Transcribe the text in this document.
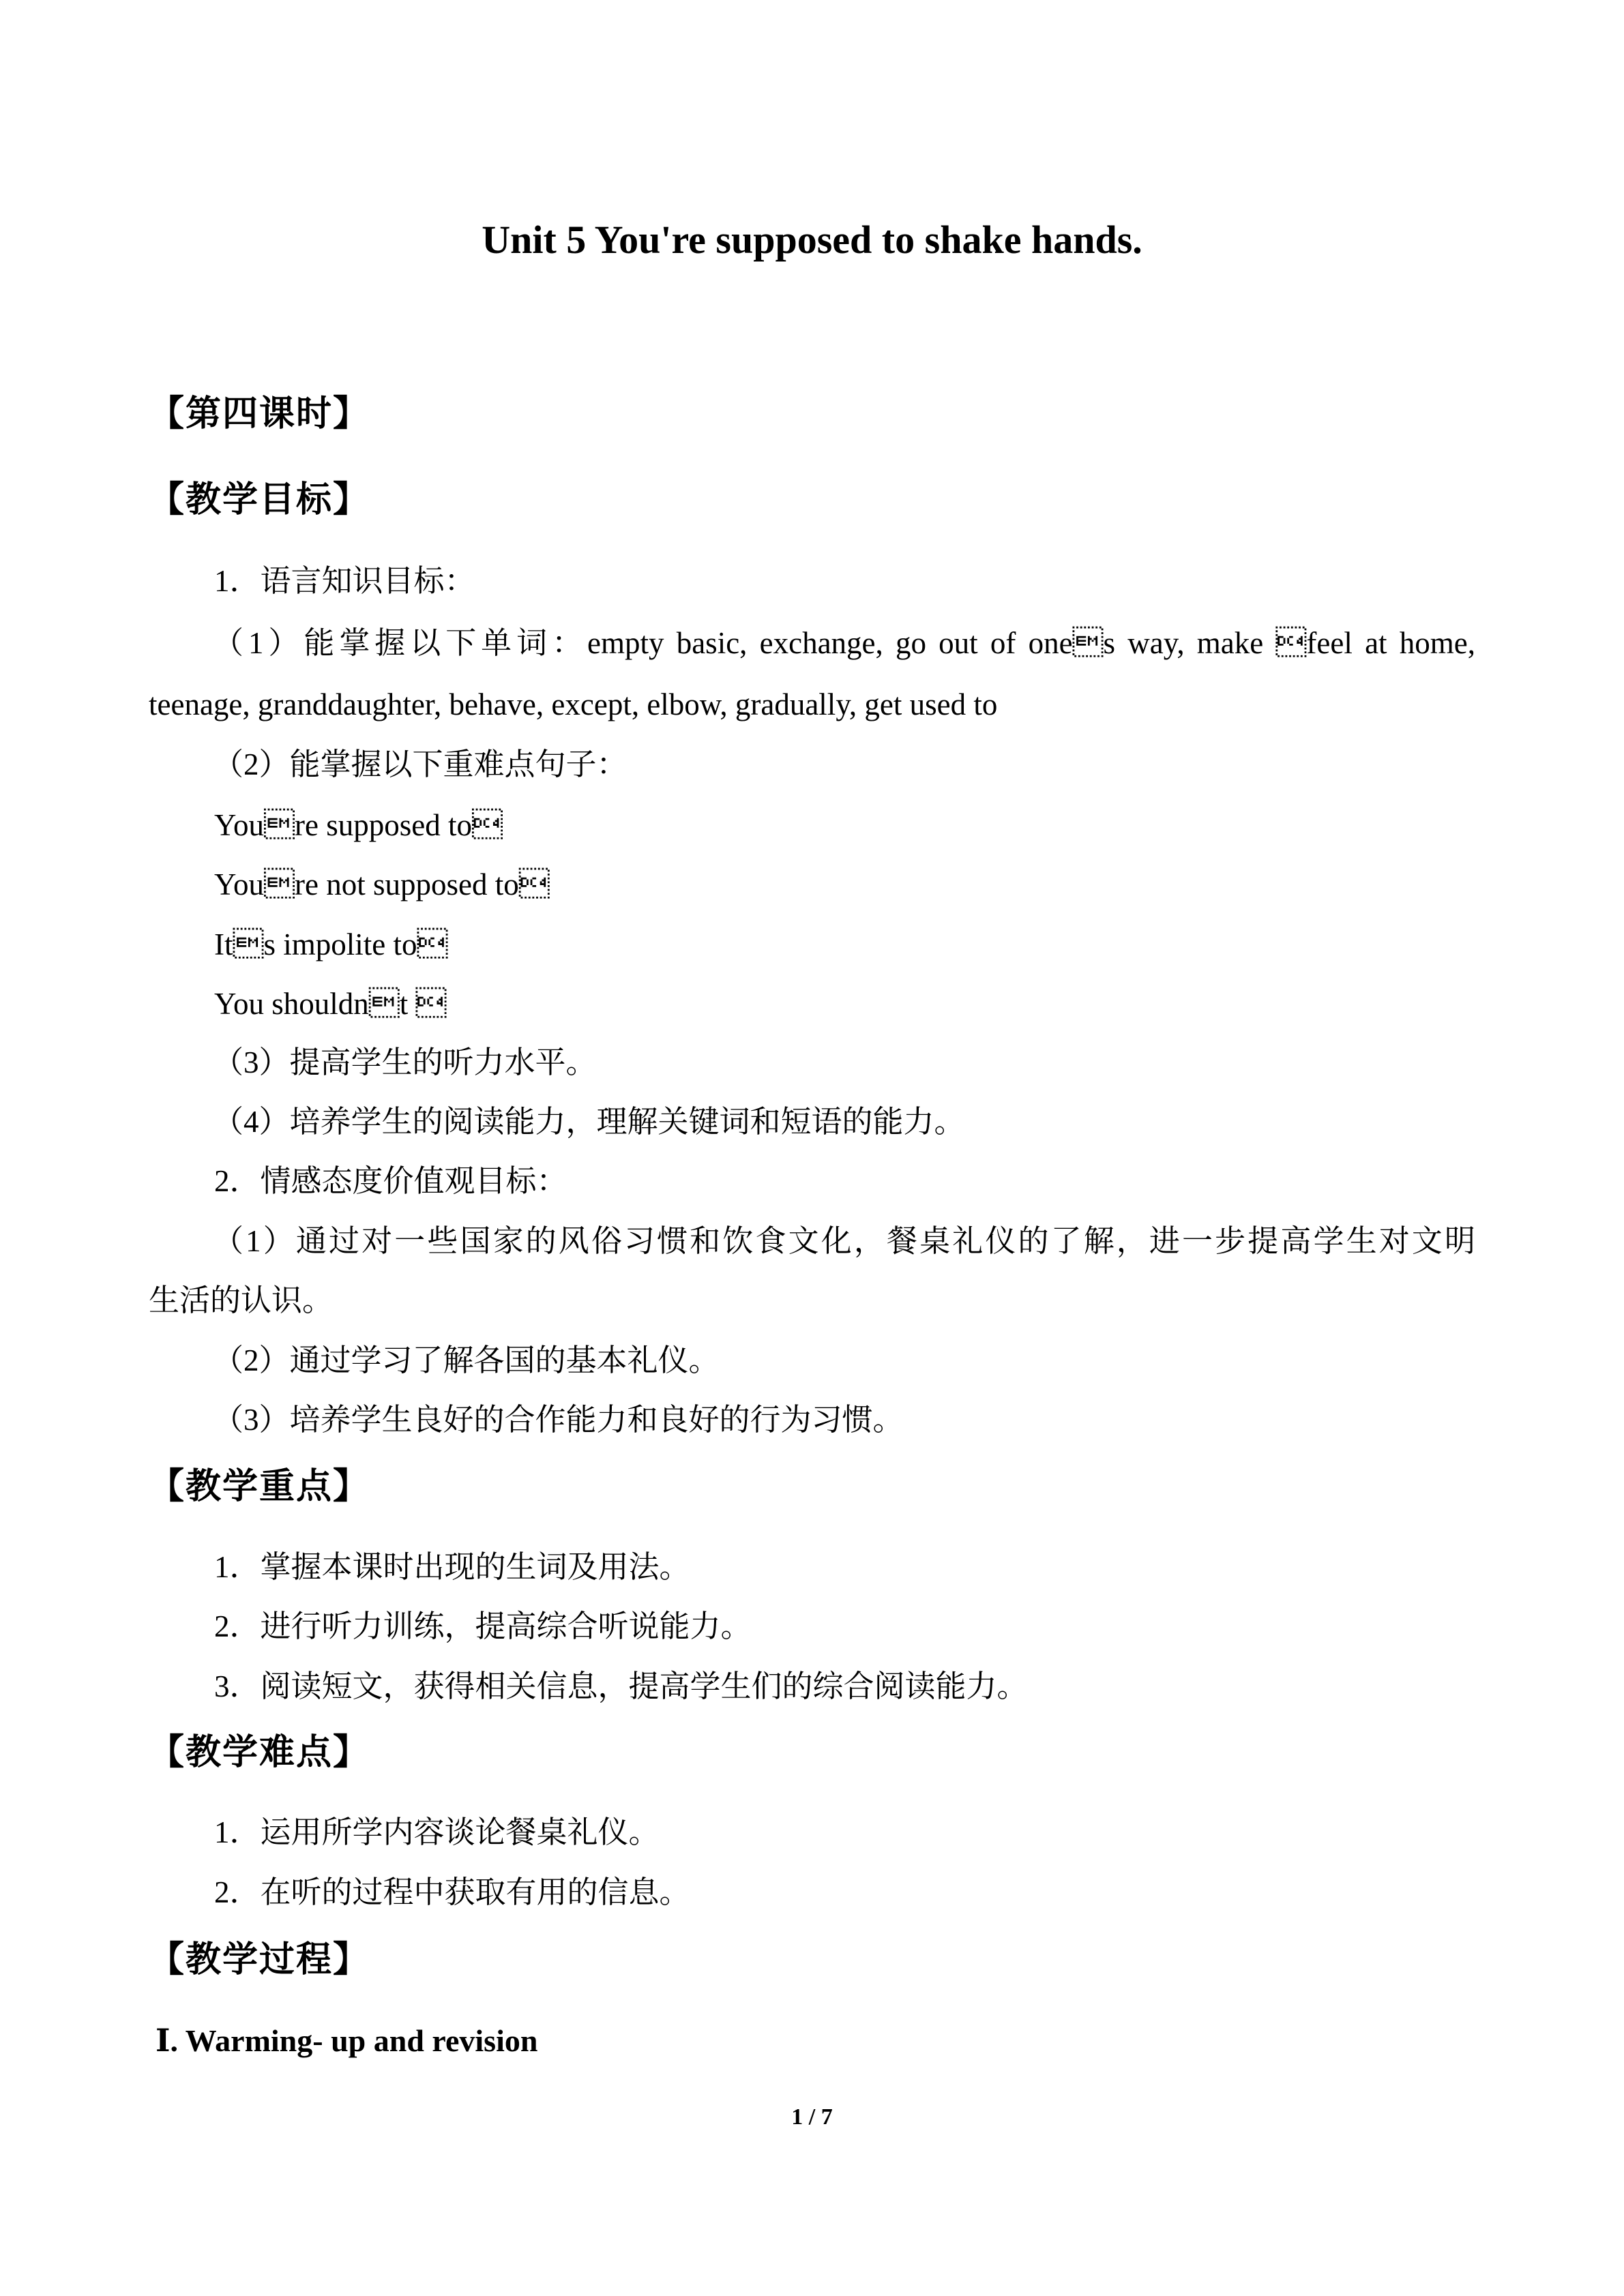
Unit 5 You're supposed to shake hands.
【第四课时】
【教学目标】
1．语言知识目标：
（1）能掌握以下单词：empty basic, exchange, go out of ones way, make feel at home,
teenage, granddaughter, behave, except, elbow, gradually, get used to
（2）能掌握以下重难点句子：
Youre supposed to
Youre not supposed to
Its impolite to
You shouldnt 
（3）提高学生的听力水平。
（4）培养学生的阅读能力，理解关键词和短语的能力。
2．情感态度价值观目标：
（1）通过对一些国家的风俗习惯和饮食文化，餐桌礼仪的了解，进一步提高学生对文明
生活的认识。
（2）通过学习了解各国的基本礼仪。
（3）培养学生良好的合作能力和良好的行为习惯。
【教学重点】
1．掌握本课时出现的生词及用法。
2．进行听力训练，提高综合听说能力。
3．阅读短文，获得相关信息，提高学生们的综合阅读能力。
【教学难点】
1．运用所学内容谈论餐桌礼仪。
2．在听的过程中获取有用的信息。
【教学过程】
Ⅰ. Warming- up and revision
1 / 7
